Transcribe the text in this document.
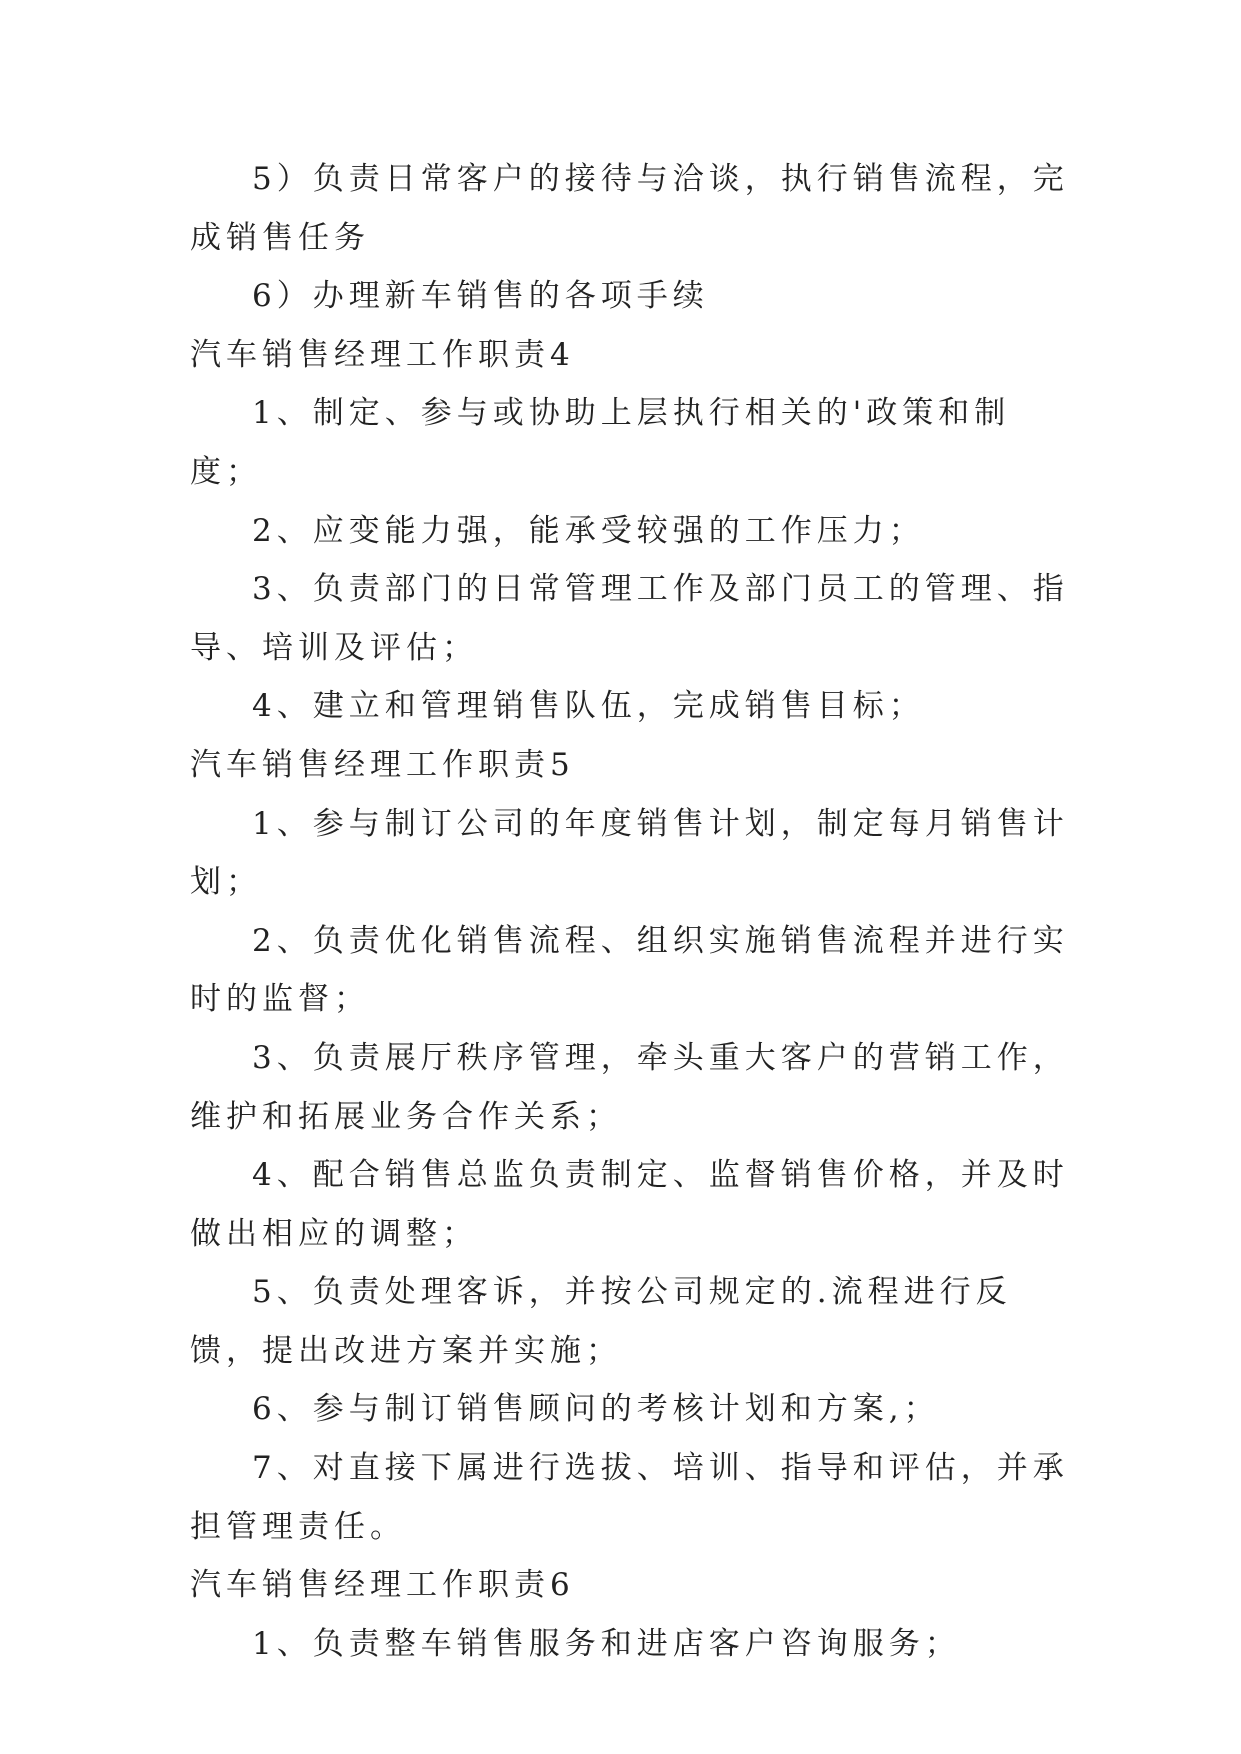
5）负责日常客户的接待与洽谈，执行销售流程，完成销售任务

6）办理新车销售的各项手续

汽车销售经理工作职责4

1、制定、参与或协助上层执行相关的'政策和制度；

2、应变能力强，能承受较强的工作压力；

3、负责部门的日常管理工作及部门员工的管理、指导、培训及评估；

4、建立和管理销售队伍，完成销售目标；

汽车销售经理工作职责5

1、参与制订公司的年度销售计划，制定每月销售计划；

2、负责优化销售流程、组织实施销售流程并进行实时的监督；

3、负责展厅秩序管理，牵头重大客户的营销工作，维护和拓展业务合作关系；

4、配合销售总监负责制定、监督销售价格，并及时做出相应的调整；

5、负责处理客诉，并按公司规定的.流程进行反馈，提出改进方案并实施；

6、参与制订销售顾问的考核计划和方案,；

7、对直接下属进行选拔、培训、指导和评估，并承担管理责任。

汽车销售经理工作职责6

1、负责整车销售服务和进店客户咨询服务；
